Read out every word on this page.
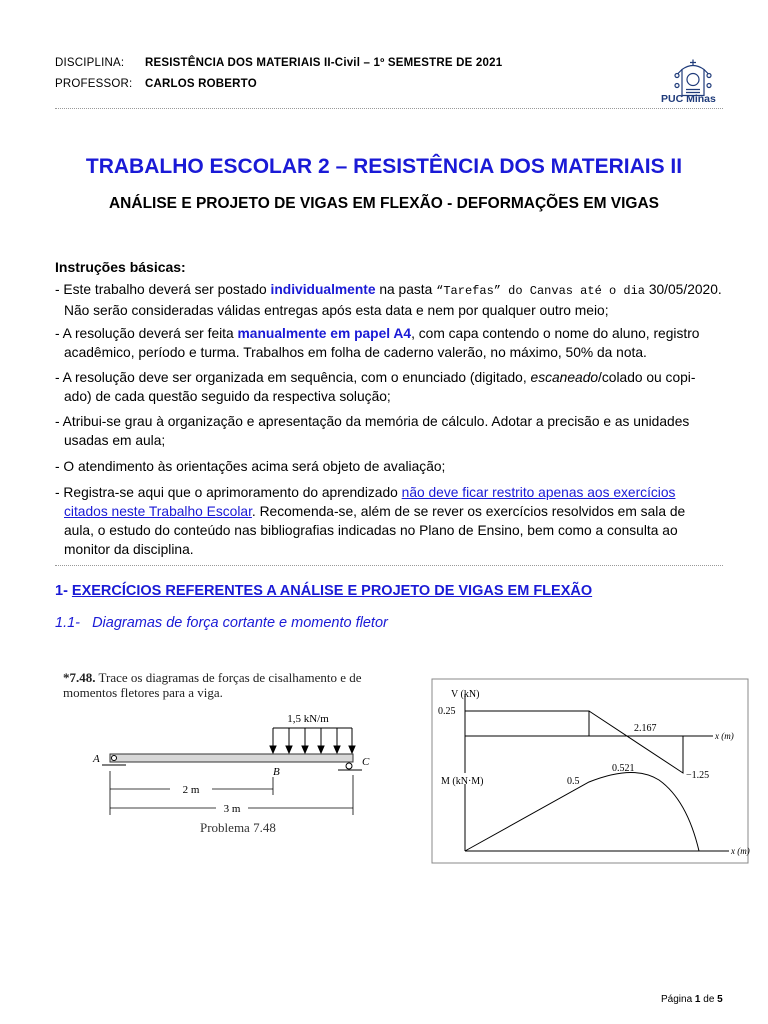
DISCIPLINA: RESISTÊNCIA DOS MATERIAIS II-Civil – 1º SEMESTRE DE 2021
PROFESSOR: CARLOS ROBERTO
PUC Minas
TRABALHO ESCOLAR 2 – RESISTÊNCIA DOS MATERIAIS II
ANÁLISE E PROJETO DE VIGAS EM FLEXÃO - DEFORMAÇÕES EM VIGAS
Instruções básicas:
- Este trabalho deverá ser postado individualmente na pasta “Tarefas” do Canvas até o dia 30/05/2020.
Não serão consideradas válidas entregas após esta data e nem por qualquer outro meio;
- A resolução deverá ser feita manualmente em papel A4, com capa contendo o nome do aluno, registro
acadêmico, período e turma. Trabalhos em folha de caderno valerão, no máximo, 50% da nota.
- A resolução deve ser organizada em sequência, com o enunciado (digitado, escaneado/colado ou copi-
ado) de cada questão seguido da respectiva solução;
- Atribui-se grau à organização e apresentação da memória de cálculo. Adotar a precisão e as unidades
usadas em aula;
- O atendimento às orientações acima será objeto de avaliação;
- Registra-se aqui que o aprimoramento do aprendizado não deve ficar restrito apenas aos exercícios
citados neste Trabalho Escolar. Recomenda-se, além de se rever os exercícios resolvidos em sala de
aula, o estudo do conteúdo nas bibliografias indicadas no Plano de Ensino, bem como a consulta ao
monitor da disciplina.
1- EXERCÍCIOS REFERENTES A ANÁLISE E PROJETO DE VIGAS EM FLEXÃO
1.1-   Diagramas de força cortante e momento fletor
*7.48. Trace os diagramas de forças de cisalhamento e de
momentos fletores para a viga.
1,5 kN/m
A
B
C
2 m
3 m
Problema 7.48
V (kN)
0.25
x (m)
2.167
−1.25
M (kN·M)
x (m)
0.5
0.521
Página 1 de 5
